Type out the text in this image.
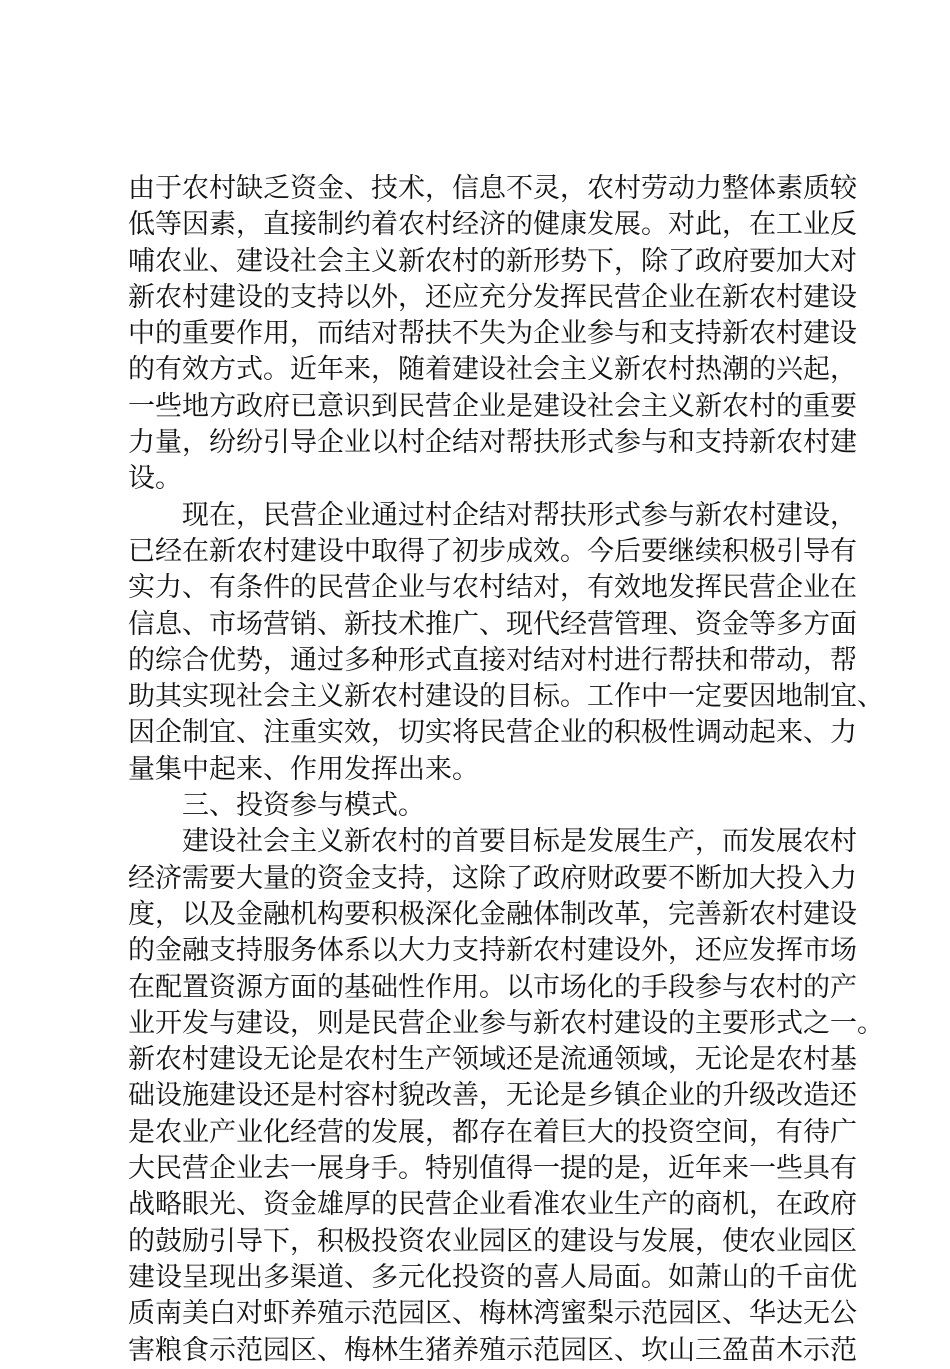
由于农村缺乏资金、技术，信息不灵，农村劳动力整体素质较
低等因素，直接制约着农村经济的健康发展。对此，在工业反
哺农业、建设社会主义新农村的新形势下，除了政府要加大对
新农村建设的支持以外，还应充分发挥民营企业在新农村建设
中的重要作用，而结对帮扶不失为企业参与和支持新农村建设
的有效方式。近年来，随着建设社会主义新农村热潮的兴起，
一些地方政府已意识到民营企业是建设社会主义新农村的重要
力量，纷纷引导企业以村企结对帮扶形式参与和支持新农村建
设。
现在，民营企业通过村企结对帮扶形式参与新农村建设，
已经在新农村建设中取得了初步成效。今后要继续积极引导有
实力、有条件的民营企业与农村结对，有效地发挥民营企业在
信息、市场营销、新技术推广、现代经营管理、资金等多方面
的综合优势，通过多种形式直接对结对村进行帮扶和带动，帮
助其实现社会主义新农村建设的目标。工作中一定要因地制宜、
因企制宜、注重实效，切实将民营企业的积极性调动起来、力
量集中起来、作用发挥出来。
三、投资参与模式。
建设社会主义新农村的首要目标是发展生产，而发展农村
经济需要大量的资金支持，这除了政府财政要不断加大投入力
度，以及金融机构要积极深化金融体制改革，完善新农村建设
的金融支持服务体系以大力支持新农村建设外，还应发挥市场
在配置资源方面的基础性作用。以市场化的手段参与农村的产
业开发与建设，则是民营企业参与新农村建设的主要形式之一。
新农村建设无论是农村生产领域还是流通领域，无论是农村基
础设施建设还是村容村貌改善，无论是乡镇企业的升级改造还
是农业产业化经营的发展，都存在着巨大的投资空间，有待广
大民营企业去一展身手。特别值得一提的是，近年来一些具有
战略眼光、资金雄厚的民营企业看准农业生产的商机，在政府
的鼓励引导下，积极投资农业园区的建设与发展，使农业园区
建设呈现出多渠道、多元化投资的喜人局面。如萧山的千亩优
质南美白对虾养殖示范园区、梅林湾蜜梨示范园区、华达无公
害粮食示范园区、梅林生猪养殖示范园区、坎山三盈苗木示范
